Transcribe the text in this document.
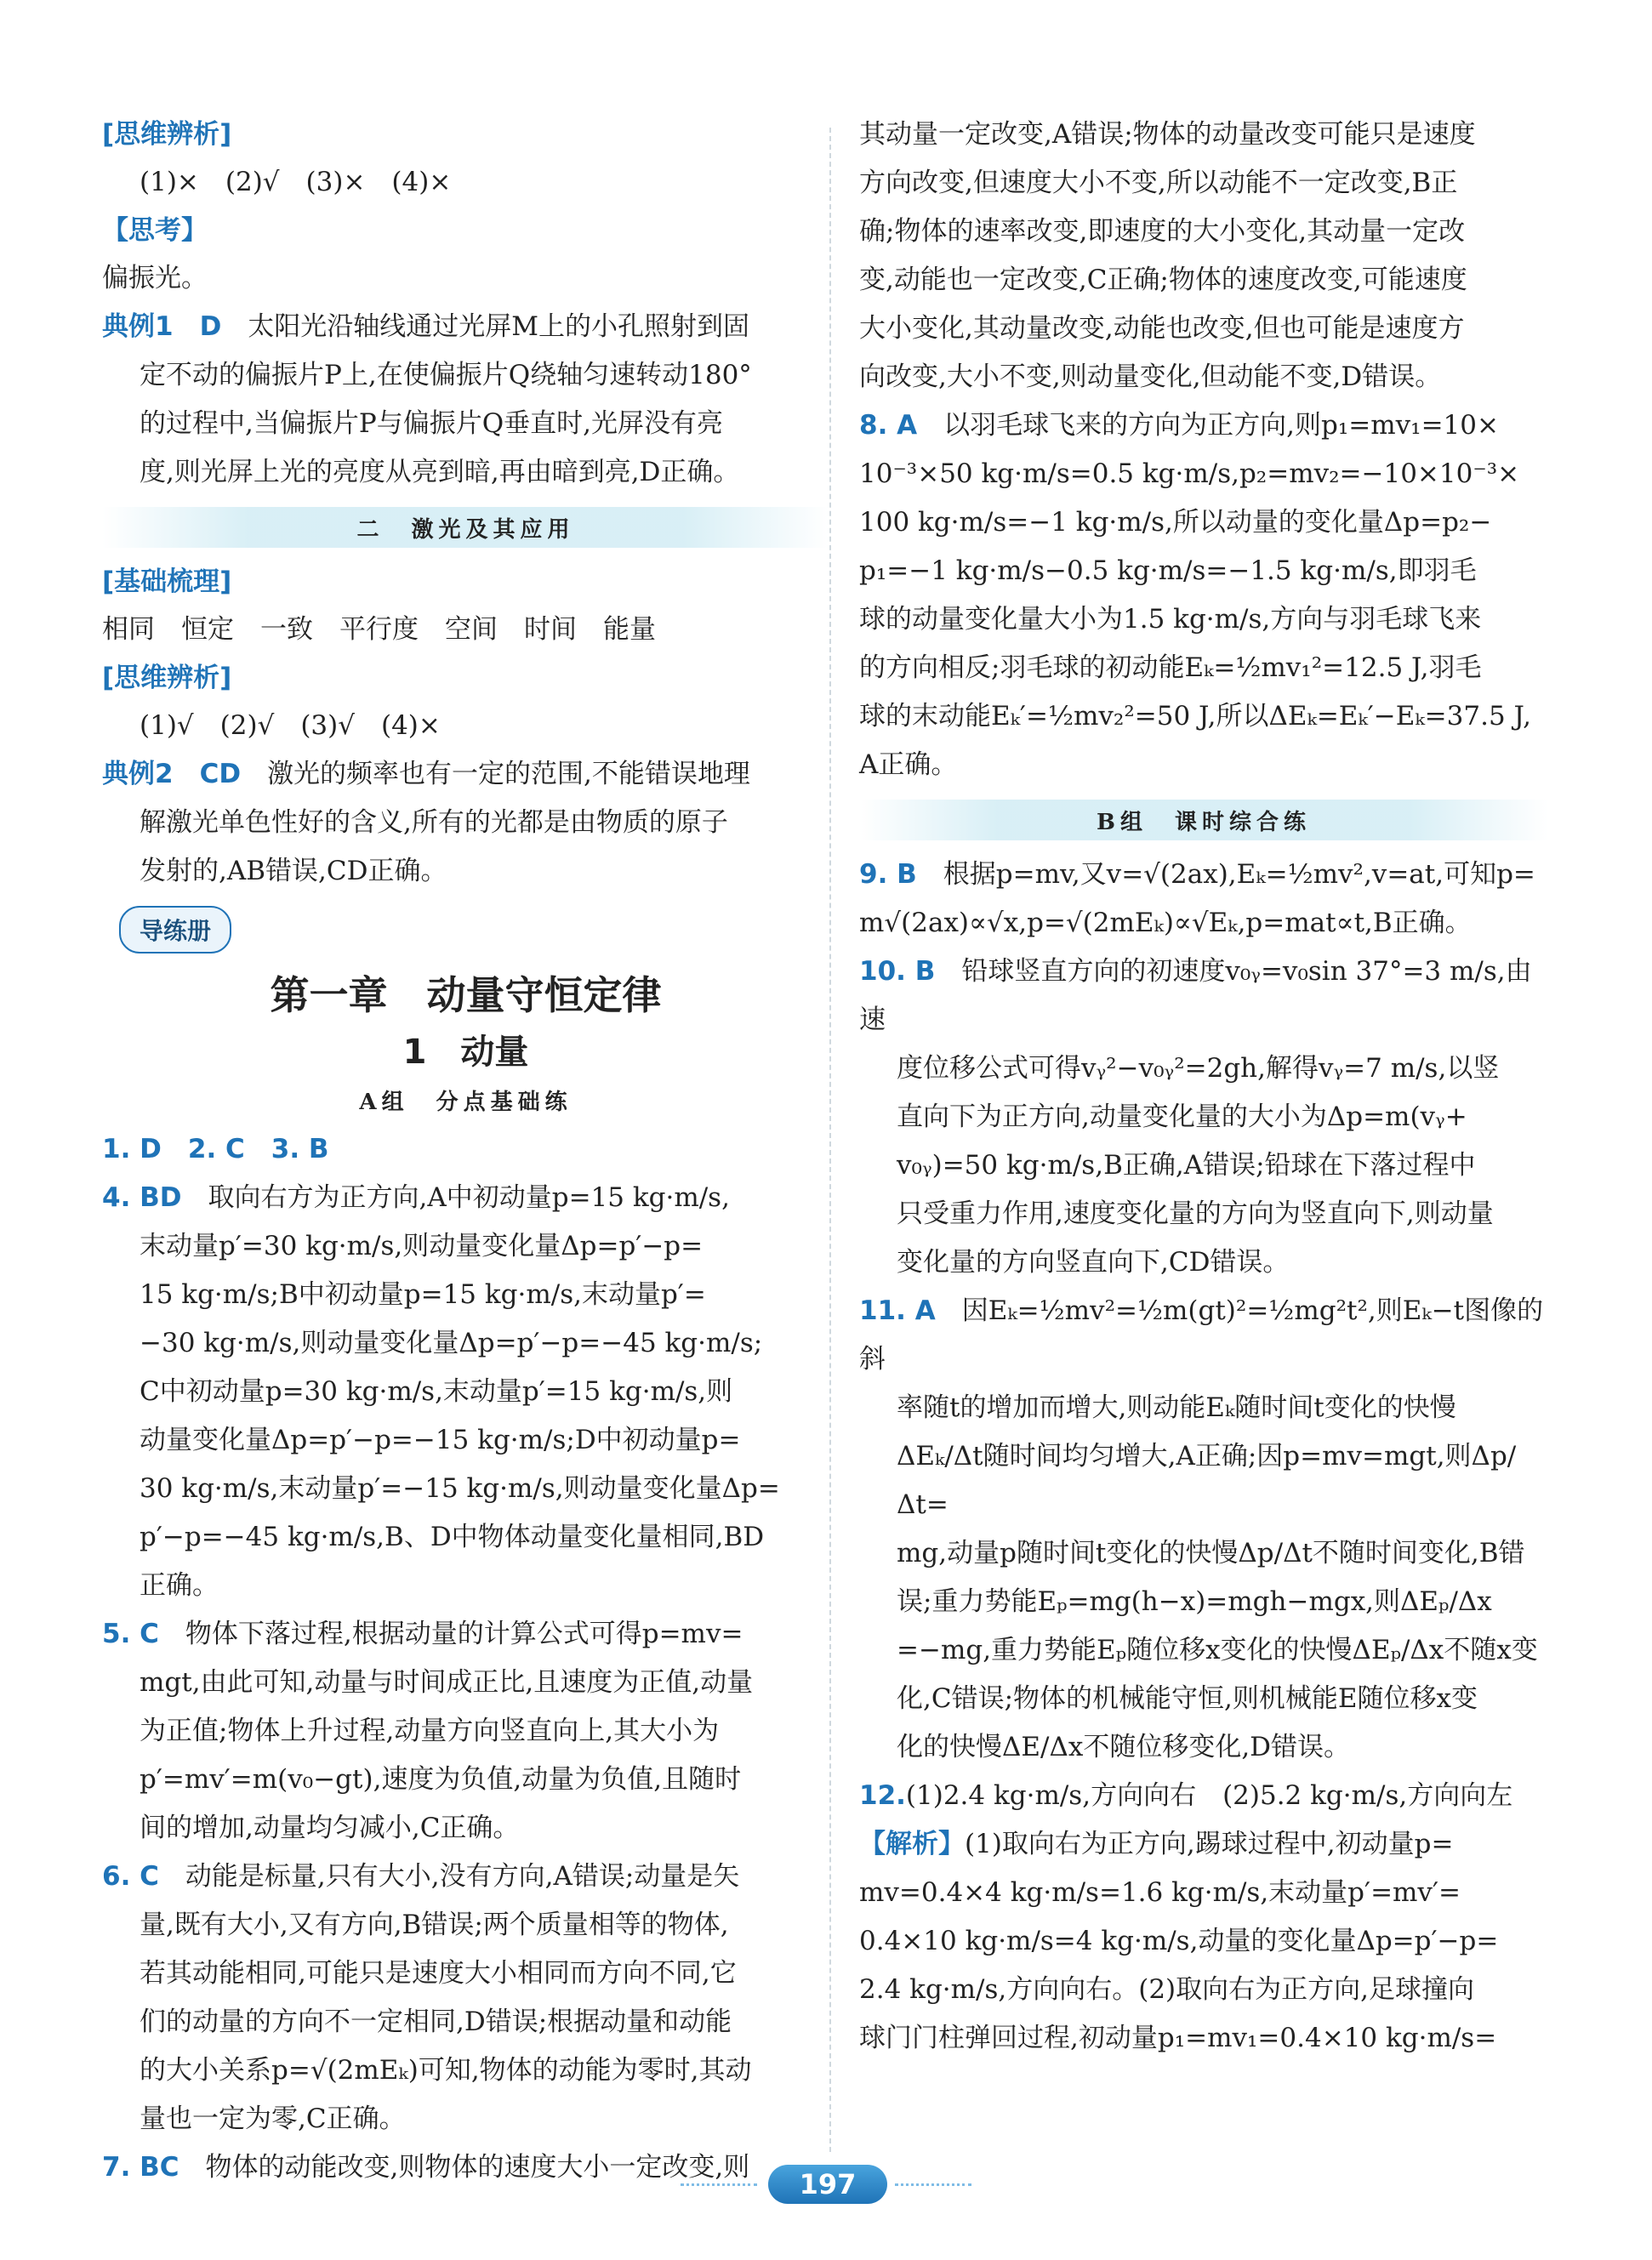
[思维辨析]

(1)×　(2)√　(3)×　(4)×

【思考】

偏振光。

典例1　D　 太阳光沿轴线通过光屏M上的小孔照射到固
定不动的偏振片P上,在使偏振片Q绕轴匀速转动180°
的过程中,当偏振片P与偏振片Q垂直时,光屏没有亮
度,则光屏上光的亮度从亮到暗,再由暗到亮,D正确。
二　激光及其应用

[基础梳理]

相同　恒定　一致　平行度　空间　时间　能量

[思维辨析]

(1)√　(2)√　(3)√　(4)×

典例2　CD　 激光的频率也有一定的范围,不能错误地理
解激光单色性好的含义,所有的光都是由物质的原子
发射的,AB错误,CD正确。
导练册
第一章　动量守恒定律
1　动量
A组　分点基础练

1. D　2. C　3. B

4. BD　 取向右方为正方向,A中初动量p=15 kg·m/s,
末动量p′=30 kg·m/s,则动量变化量Δp=p′−p=
15 kg·m/s;B中初动量p=15 kg·m/s,末动量p′=
−30 kg·m/s,则动量变化量Δp=p′−p=−45 kg·m/s;
C中初动量p=30 kg·m/s,末动量p′=15 kg·m/s,则
动量变化量Δp=p′−p=−15 kg·m/s;D中初动量p=
30 kg·m/s,末动量p′=−15 kg·m/s,则动量变化量Δp=
p′−p=−45 kg·m/s,B、D中物体动量变化量相同,BD
正确。
5. C　 物体下落过程,根据动量的计算公式可得p=mv=
mgt,由此可知,动量与时间成正比,且速度为正值,动量
为正值;物体上升过程,动量方向竖直向上,其大小为
p′=mv′=m(v₀−gt),速度为负值,动量为负值,且随时
间的增加,动量均匀减小,C正确。
6. C　 动能是标量,只有大小,没有方向,A错误;动量是矢
量,既有大小,又有方向,B错误;两个质量相等的物体,
若其动能相同,可能只是速度大小相同而方向不同,它
们的动量的方向不一定相同,D错误;根据动量和动能
的大小关系p=√(2mEₖ)可知,物体的动能为零时,其动
量也一定为零,C正确。
7. BC　 物体的动能改变,则物体的速度大小一定改变,则
其动量一定改变,A错误;物体的动量改变可能只是速度
方向改变,但速度大小不变,所以动能不一定改变,B正
确;物体的速率改变,即速度的大小变化,其动量一定改
变,动能也一定改变,C正确;物体的速度改变,可能速度
大小变化,其动量改变,动能也改变,但也可能是速度方
向改变,大小不变,则动量变化,但动能不变,D错误。
8. A　 以羽毛球飞来的方向为正方向,则p₁=mv₁=10×
10⁻³×50 kg·m/s=0.5 kg·m/s,p₂=mv₂=−10×10⁻³×
100 kg·m/s=−1 kg·m/s,所以动量的变化量Δp=p₂−
p₁=−1 kg·m/s−0.5 kg·m/s=−1.5 kg·m/s,即羽毛
球的动量变化量大小为1.5 kg·m/s,方向与羽毛球飞来
的方向相反;羽毛球的初动能Eₖ=½mv₁²=12.5 J,羽毛
球的末动能Eₖ′=½mv₂²=50 J,所以ΔEₖ=Eₖ′−Eₖ=37.5 J,
A正确。
B组　课时综合练
9. B　 根据p=mv,又v=√(2ax),Eₖ=½mv²,v=at,可知p=
m√(2ax)∝√x,p=√(2mEₖ)∝√Eₖ,p=mat∝t,B正确。
10. B　 铅球竖直方向的初速度v₀ᵧ=v₀sin 37°=3 m/s,由速
度位移公式可得vᵧ²−v₀ᵧ²=2gh,解得vᵧ=7 m/s,以竖
直向下为正方向,动量变化量的大小为Δp=m(vᵧ+
v₀ᵧ)=50 kg·m/s,B正确,A错误;铅球在下落过程中
只受重力作用,速度变化量的方向为竖直向下,则动量
变化量的方向竖直向下,CD错误。
11. A　 因Eₖ=½mv²=½m(gt)²=½mg²t²,则Eₖ−t图像的斜
率随t的增加而增大,则动能Eₖ随时间t变化的快慢
ΔEₖ/Δt随时间均匀增大,A正确;因p=mv=mgt,则Δp/Δt=
mg,动量p随时间t变化的快慢Δp/Δt不随时间变化,B错
误;重力势能Eₚ=mg(h−x)=mgh−mgx,则ΔEₚ/Δx
=−mg,重力势能Eₚ随位移x变化的快慢ΔEₚ/Δx不随x变
化,C错误;物体的机械能守恒,则机械能E随位移x变
化的快慢ΔE/Δx不随位移变化,D错误。
12.(1)2.4 kg·m/s,方向向右　(2)5.2 kg·m/s,方向向左
【解析】(1)取向右为正方向,踢球过程中,初动量p=
mv=0.4×4 kg·m/s=1.6 kg·m/s,末动量p′=mv′=
0.4×10 kg·m/s=4 kg·m/s,动量的变化量Δp=p′−p=
2.4 kg·m/s,方向向右。(2)取向右为正方向,足球撞向
球门门柱弹回过程,初动量p₁=mv₁=0.4×10 kg·m/s=
197
